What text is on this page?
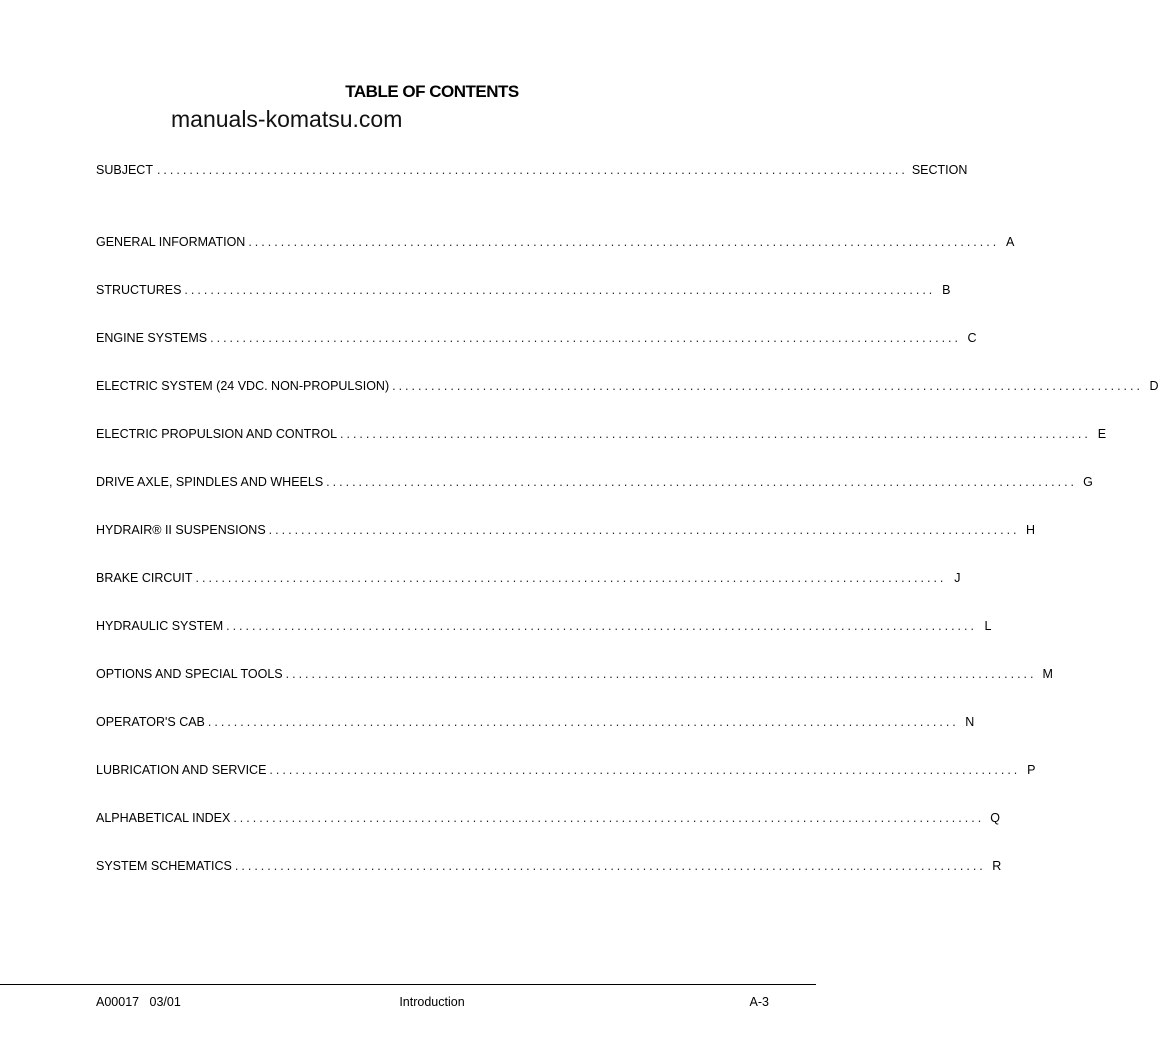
TABLE OF CONTENTS
manuals-komatsu.com
SUBJECT .................................................................................................................... SECTION
GENERAL INFORMATION .................................................................................................................... A
STRUCTURES .................................................................................................................... B
ENGINE SYSTEMS .................................................................................................................... C
ELECTRIC SYSTEM (24 VDC. NON-PROPULSION) .................................................................................................................... D
ELECTRIC PROPULSION AND CONTROL .................................................................................................................... E
DRIVE AXLE, SPINDLES AND WHEELS .................................................................................................................... G
HYDRAIR® II SUSPENSIONS .................................................................................................................... H
BRAKE CIRCUIT .................................................................................................................... J
HYDRAULIC SYSTEM .................................................................................................................... L
OPTIONS AND SPECIAL TOOLS .................................................................................................................... M
OPERATOR'S CAB .................................................................................................................... N
LUBRICATION AND SERVICE .................................................................................................................... P
ALPHABETICAL INDEX .................................................................................................................... Q
SYSTEM SCHEMATICS .................................................................................................................... R
A00017   03/01	Introduction	A-3
